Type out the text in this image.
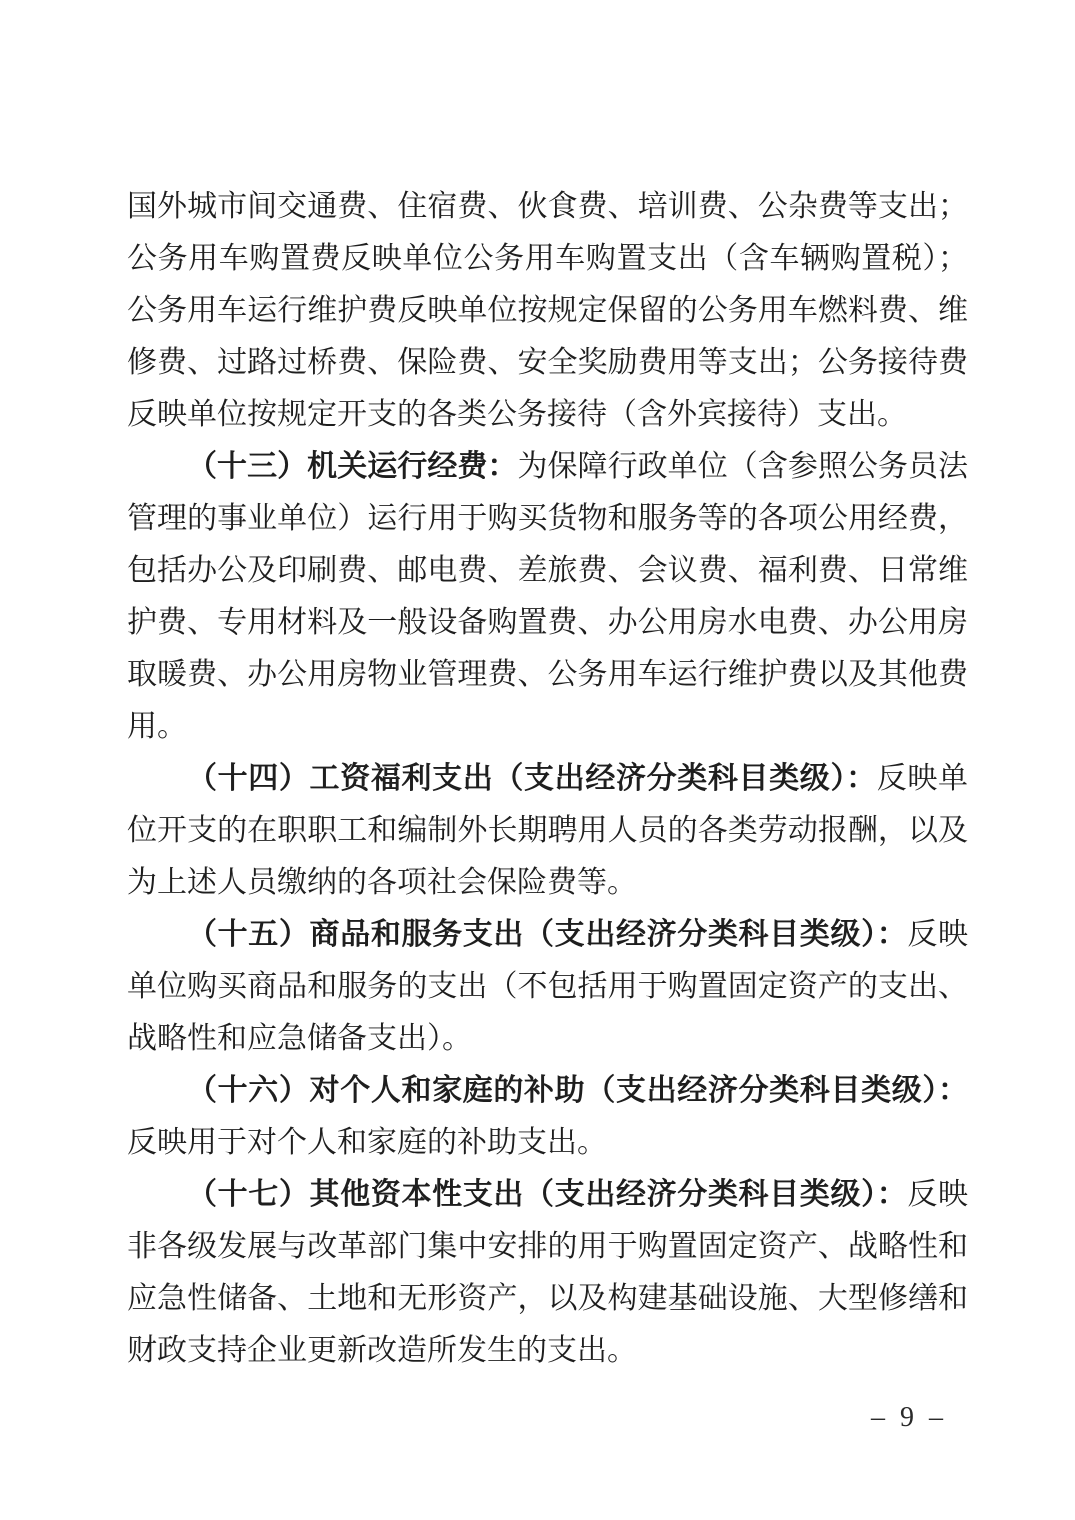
国外城市间交通费、住宿费、伙食费、培训费、公杂费等支出；公务用车购置费反映单位公务用车购置支出（含车辆购置税）；公务用车运行维护费反映单位按规定保留的公务用车燃料费、维修费、过路过桥费、保险费、安全奖励费用等支出；公务接待费反映单位按规定开支的各类公务接待（含外宾接待）支出。

（十三）机关运行经费：为保障行政单位（含参照公务员法管理的事业单位）运行用于购买货物和服务等的各项公用经费，包括办公及印刷费、邮电费、差旅费、会议费、福利费、日常维护费、专用材料及一般设备购置费、办公用房水电费、办公用房取暖费、办公用房物业管理费、公务用车运行维护费以及其他费用。

（十四）工资福利支出（支出经济分类科目类级）：反映单位开支的在职职工和编制外长期聘用人员的各类劳动报酬，以及为上述人员缴纳的各项社会保险费等。

（十五）商品和服务支出（支出经济分类科目类级）：反映单位购买商品和服务的支出（不包括用于购置固定资产的支出、战略性和应急储备支出）。

（十六）对个人和家庭的补助（支出经济分类科目类级）：反映用于对个人和家庭的补助支出。

（十七）其他资本性支出（支出经济分类科目类级）：反映非各级发展与改革部门集中安排的用于购置固定资产、战略性和应急性储备、土地和无形资产，以及构建基础设施、大型修缮和财政支持企业更新改造所发生的支出。

– 9 –
